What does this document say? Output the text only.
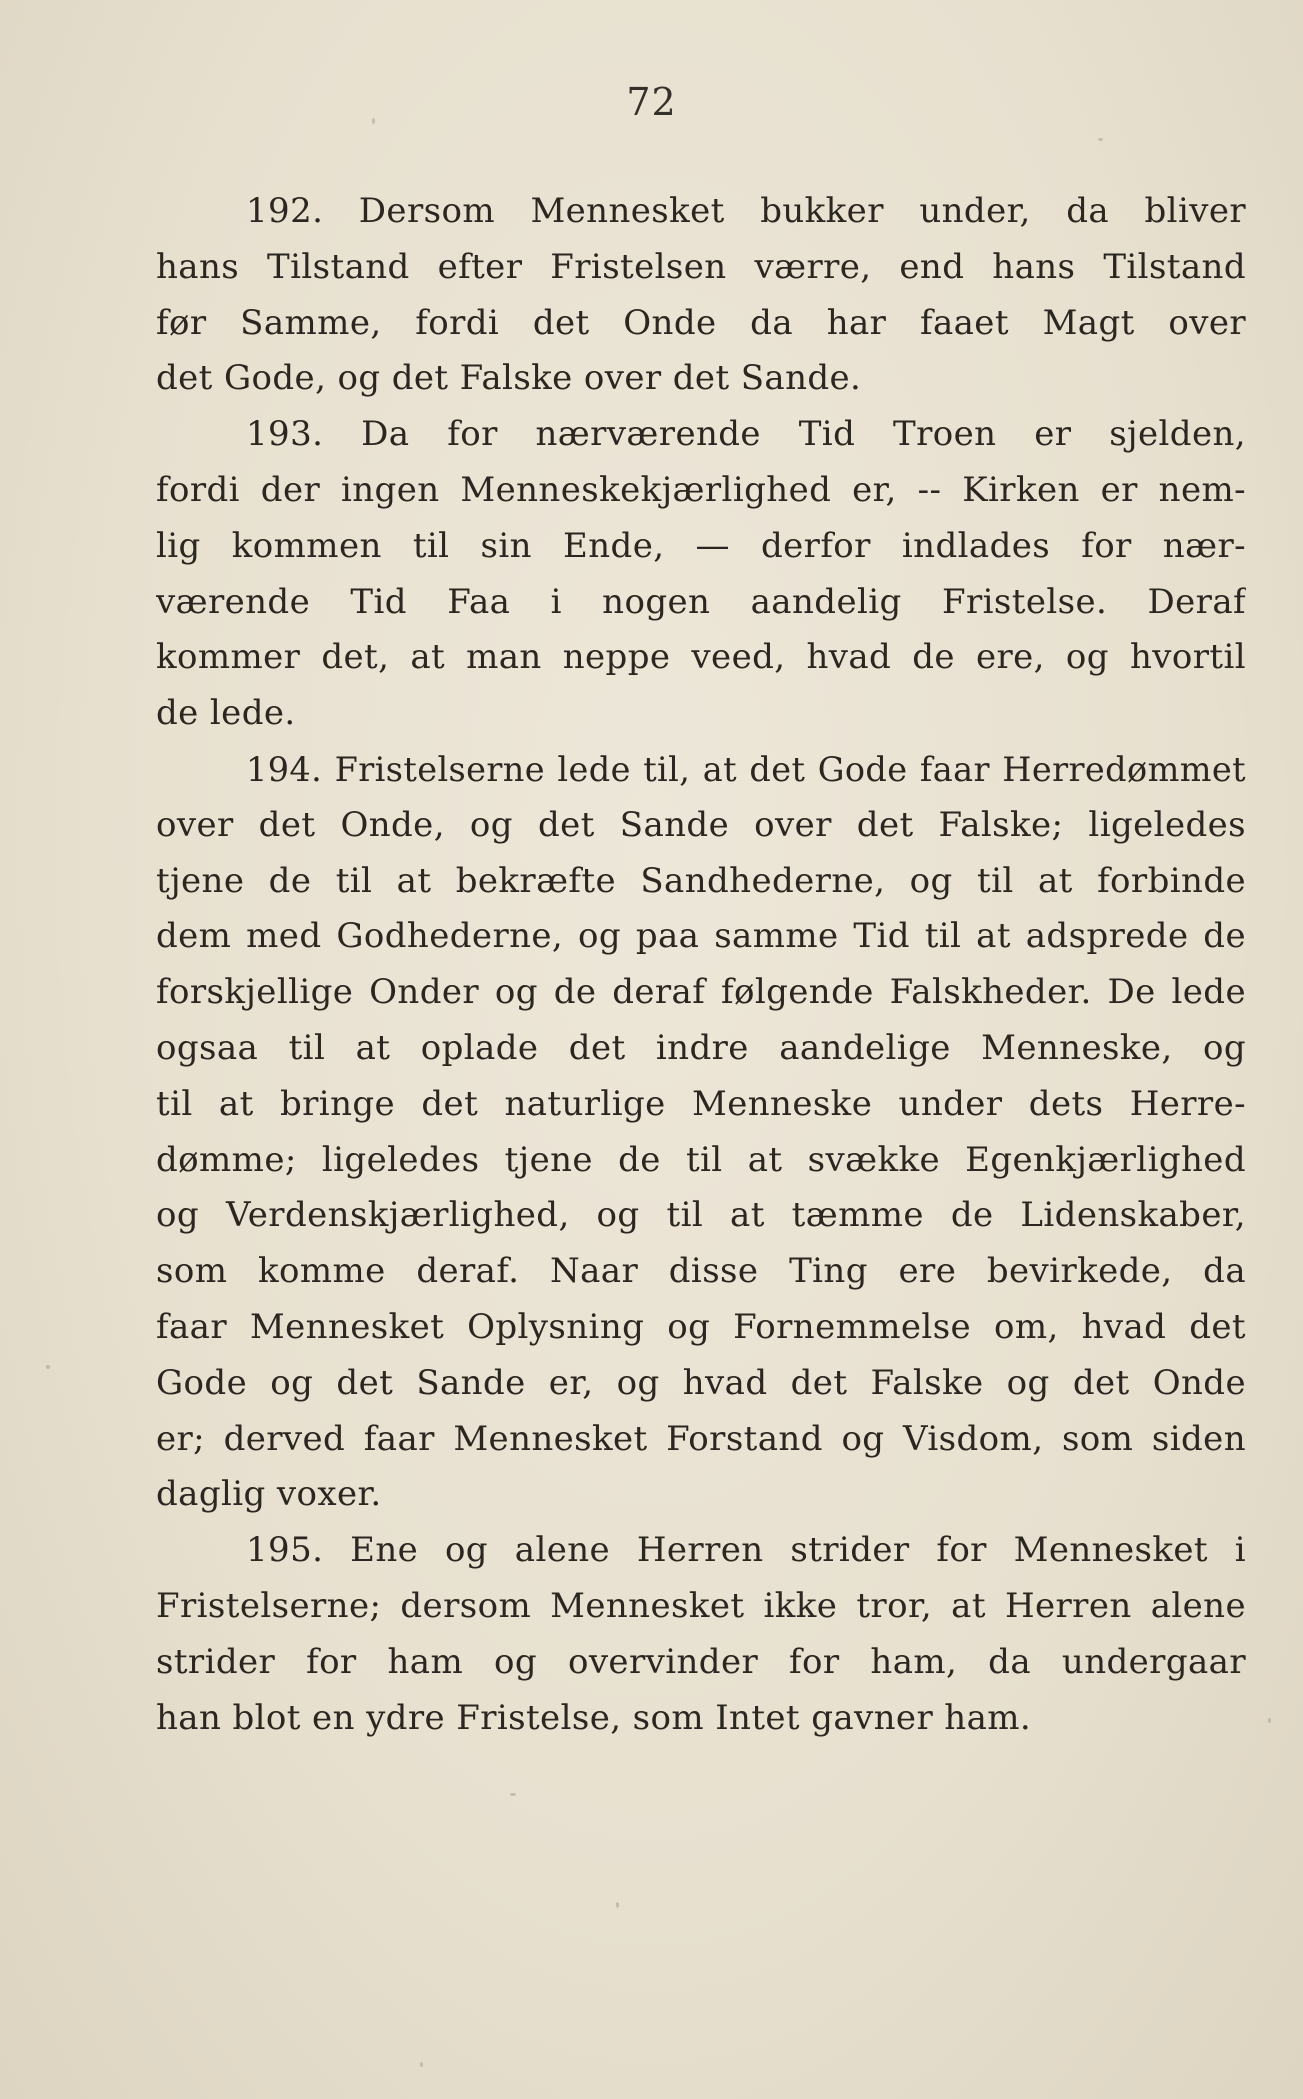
72
192. Dersom Mennesket bukker under, da bliver
hans Tilstand efter Fristelsen værre, end hans Tilstand
før Samme, fordi det Onde da har faaet Magt over
det Gode, og det Falske over det Sande.
193. Da for nærværende Tid Troen er sjelden,
fordi der ingen Menneskekjærlighed er, -- Kirken er nem-
lig kommen til sin Ende, — derfor indlades for nær-
værende Tid Faa i nogen aandelig Fristelse. Deraf
kommer det, at man neppe veed, hvad de ere, og hvortil
de lede.
194. Fristelserne lede til, at det Gode faar Herredømmet
over det Onde, og det Sande over det Falske; ligeledes
tjene de til at bekræfte Sandhederne, og til at forbinde
dem med Godhederne, og paa samme Tid til at adsprede de
forskjellige Onder og de deraf følgende Falskheder. De lede
ogsaa til at oplade det indre aandelige Menneske, og
til at bringe det naturlige Menneske under dets Herre-
dømme; ligeledes tjene de til at svække Egenkjærlighed
og Verdenskjærlighed, og til at tæmme de Lidenskaber,
som komme deraf. Naar disse Ting ere bevirkede, da
faar Mennesket Oplysning og Fornemmelse om, hvad det
Gode og det Sande er, og hvad det Falske og det Onde
er; derved faar Mennesket Forstand og Visdom, som siden
daglig voxer.
195. Ene og alene Herren strider for Mennesket i
Fristelserne; dersom Mennesket ikke tror, at Herren alene
strider for ham og overvinder for ham, da undergaar
han blot en ydre Fristelse, som Intet gavner ham.
